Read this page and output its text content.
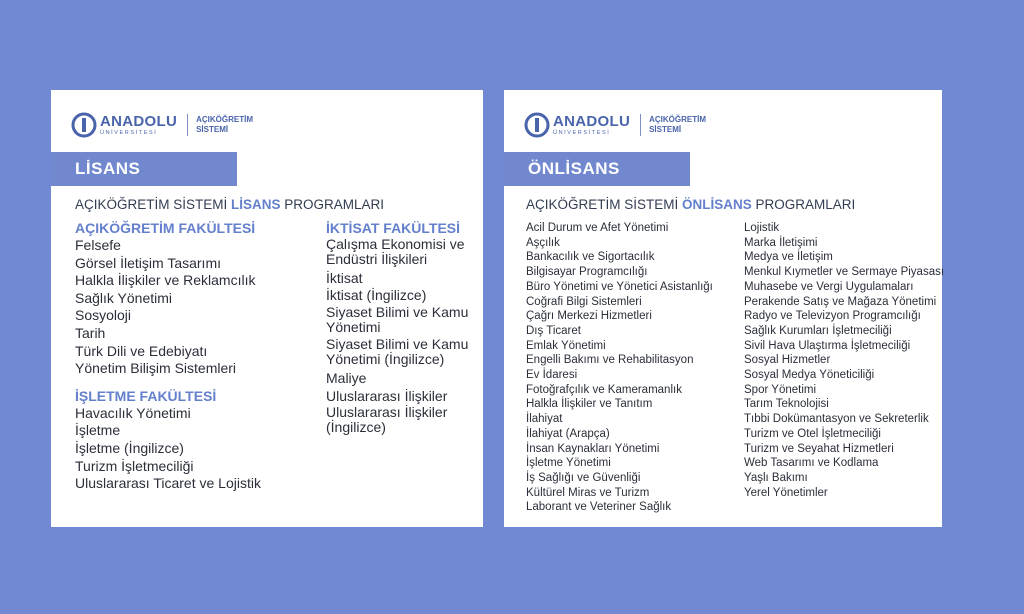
ANADOLU
ÜNİVERSİTESİ
AÇIKÖĞRETİM
SİSTEMİ
LİSANS
AÇIKÖĞRETİM SİSTEMİ LİSANS PROGRAMLARI
AÇIKÖĞRETİM FAKÜLTESİ
Felsefe
Görsel İletişim Tasarımı
Halkla İlişkiler ve Reklamcılık
Sağlık Yönetimi
Sosyoloji
Tarih
Türk Dili ve Edebiyatı
Yönetim Bilişim Sistemleri
İŞLETME FAKÜLTESİ
Havacılık Yönetimi
İşletme
İşletme (İngilizce)
Turizm İşletmeciliği
Uluslararası Ticaret ve Lojistik
İKTİSAT FAKÜLTESİ
Çalışma Ekonomisi ve Endüstri İlişkileri
İktisat
İktisat (İngilizce)
Siyaset Bilimi ve Kamu Yönetimi
Siyaset Bilimi ve Kamu Yönetimi (İngilizce)
Maliye
Uluslararası İlişkiler
Uluslararası İlişkiler (İngilizce)
ANADOLU
ÜNİVERSİTESİ
AÇIKÖĞRETİM
SİSTEMİ
ÖNLİSANS
AÇIKÖĞRETİM SİSTEMİ ÖNLİSANS PROGRAMLARI
Acil Durum ve Afet Yönetimi
Aşçılık
Bankacılık ve Sigortacılık
Bilgisayar Programcılığı
Büro Yönetimi ve Yönetici Asistanlığı
Coğrafi Bilgi Sistemleri
Çağrı Merkezi Hizmetleri
Dış Ticaret
Emlak Yönetimi
Engelli Bakımı ve Rehabilitasyon
Ev İdaresi
Fotoğrafçılık ve Kameramanlık
Halkla İlişkiler ve Tanıtım
İlahiyat
İlahiyat (Arapça)
İnsan Kaynakları Yönetimi
İşletme Yönetimi
İş Sağlığı ve Güvenliği
Kültürel Miras ve Turizm
Laborant ve Veteriner Sağlık
Lojistik
Marka İletişimi
Medya ve İletişim
Menkul Kıymetler ve Sermaye Piyasası
Muhasebe ve Vergi Uygulamaları
Perakende Satış ve Mağaza Yönetimi
Radyo ve Televizyon Programcılığı
Sağlık Kurumları İşletmeciliği
Sivil Hava Ulaştırma İşletmeciliği
Sosyal Hizmetler
Sosyal Medya Yöneticiliği
Spor Yönetimi
Tarım Teknolojisi
Tıbbi Dokümantasyon ve Sekreterlik
Turizm ve Otel İşletmeciliği
Turizm ve Seyahat Hizmetleri
Web Tasarımı ve Kodlama
Yaşlı Bakımı
Yerel Yönetimler
